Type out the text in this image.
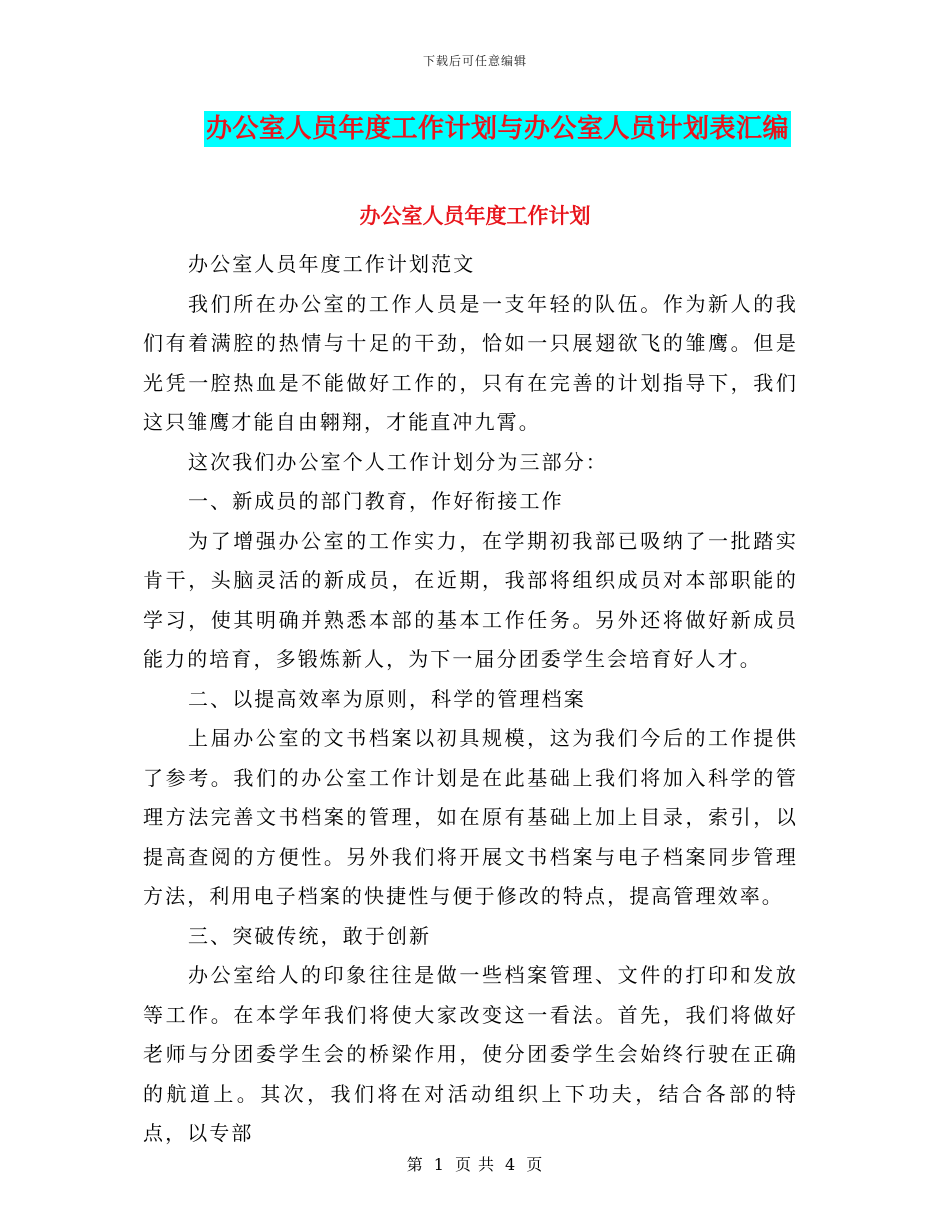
下载后可任意编辑
办公室人员年度工作计划与办公室人员计划表汇编
办公室人员年度工作计划

办公室人员年度工作计划范文

我们所在办公室的工作人员是一支年轻的队伍。作为新人的我们有着满腔的热情与十足的干劲，恰如一只展翅欲飞的雏鹰。但是光凭一腔热血是不能做好工作的，只有在完善的计划指导下，我们这只雏鹰才能自由翱翔，才能直冲九霄。

这次我们办公室个人工作计划分为三部分：

一、新成员的部门教育，作好衔接工作

为了增强办公室的工作实力，在学期初我部已吸纳了一批踏实肯干，头脑灵活的新成员，在近期，我部将组织成员对本部职能的学习，使其明确并熟悉本部的基本工作任务。另外还将做好新成员能力的培育，多锻炼新人，为下一届分团委学生会培育好人才。

二、以提高效率为原则，科学的管理档案

上届办公室的文书档案以初具规模，这为我们今后的工作提供了参考。我们的办公室工作计划是在此基础上我们将加入科学的管理方法完善文书档案的管理，如在原有基础上加上目录，索引，以提高查阅的方便性。另外我们将开展文书档案与电子档案同步管理方法，利用电子档案的快捷性与便于修改的特点，提高管理效率。

三、突破传统，敢于创新

办公室给人的印象往往是做一些档案管理、文件的打印和发放等工作。在本学年我们将使大家改变这一看法。首先，我们将做好老师与分团委学生会的桥梁作用，使分团委学生会始终行驶在正确的航道上。其次，我们将在对活动组织上下功夫，结合各部的特点，以专部

第 1 页 共 4 页
